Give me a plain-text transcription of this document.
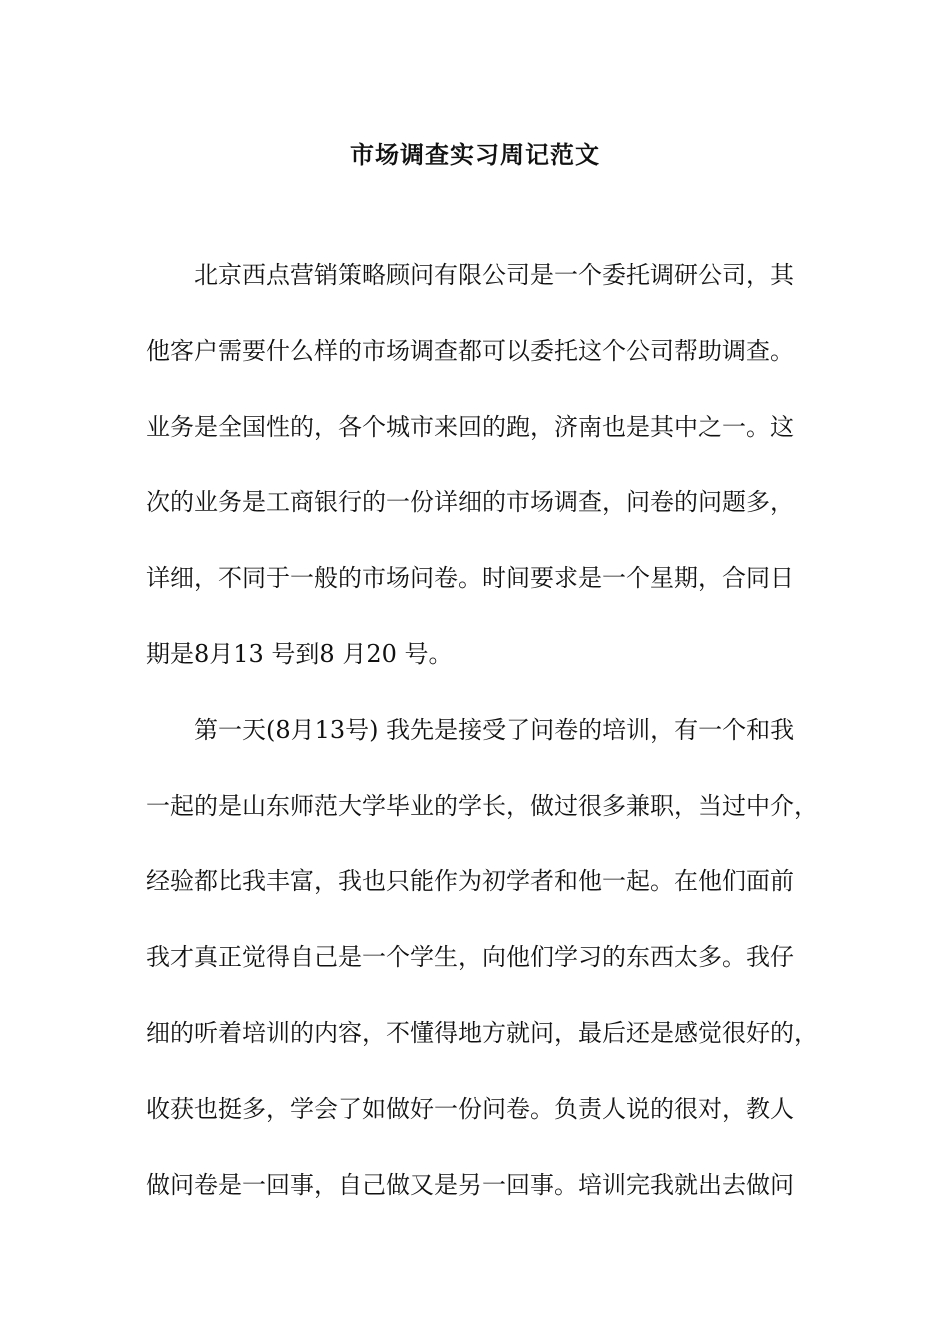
市场调查实习周记范文
　　北京西点营销策略顾问有限公司是一个委托调研公司，其
他客户需要什么样的市场调查都可以委托这个公司帮助调查。
业务是全国性的，各个城市来回的跑，济南也是其中之一。这
次的业务是工商银行的一份详细的市场调查，问卷的问题多，
详细，不同于一般的市场问卷。时间要求是一个星期，合同日
期是8月13 号到8 月20 号。
　　第一天(8月13号) 我先是接受了问卷的培训，有一个和我
一起的是山东师范大学毕业的学长，做过很多兼职，当过中介，
经验都比我丰富，我也只能作为初学者和他一起。在他们面前
我才真正觉得自己是一个学生，向他们学习的东西太多。我仔
细的听着培训的内容，不懂得地方就问，最后还是感觉很好的，
收获也挺多，学会了如做好一份问卷。负责人说的很对，教人
做问卷是一回事，自己做又是另一回事。培训完我就出去做问
